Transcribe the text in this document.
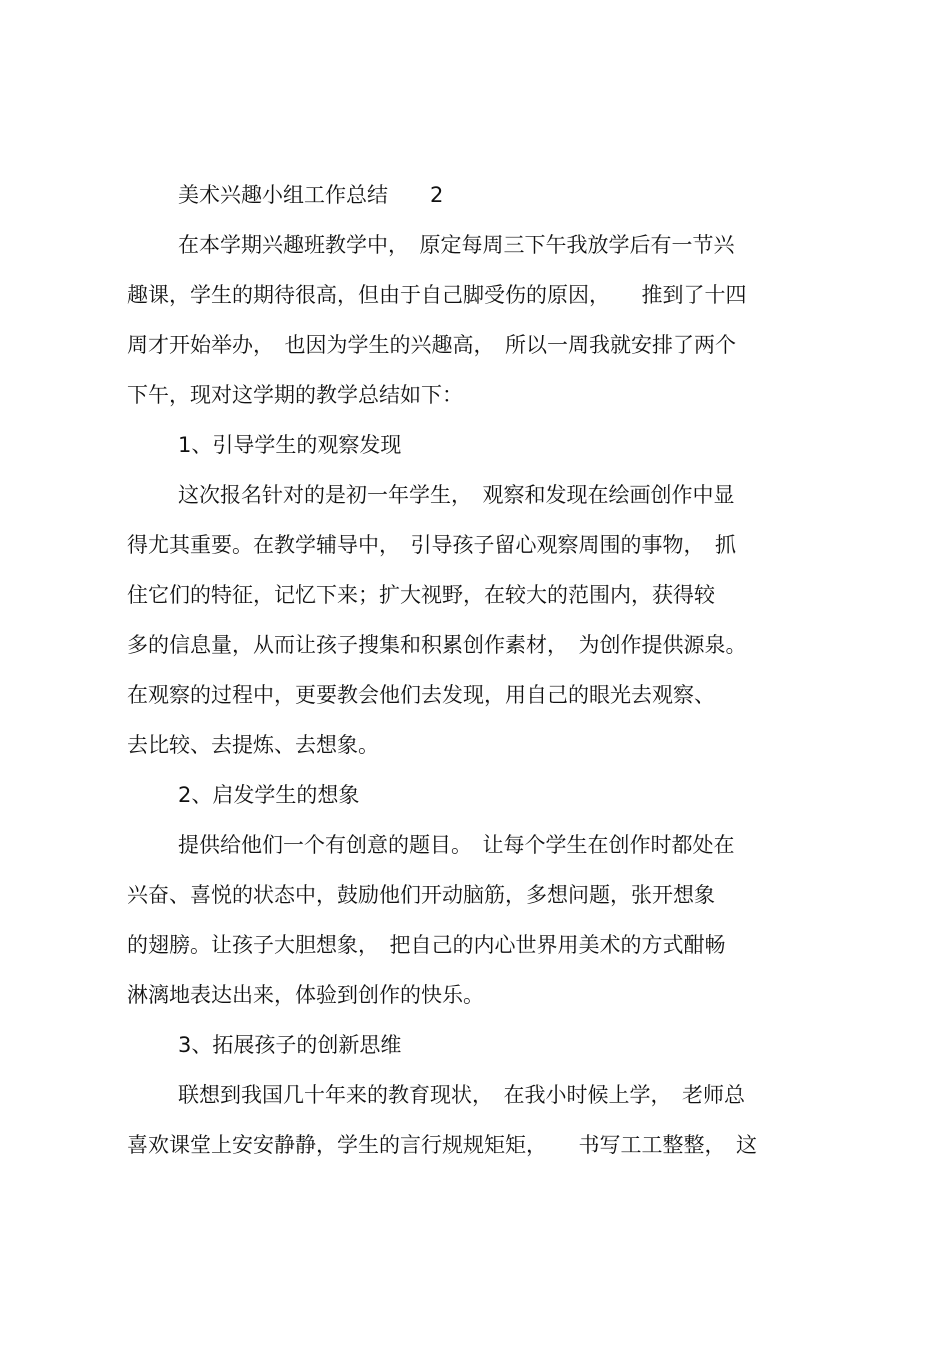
美术兴趣小组工作总结　　2
在本学期兴趣班教学中，　原定每周三下午我放学后有一节兴
趣课，学生的期待很高，但由于自己脚受伤的原因，　　推到了十四
周才开始举办，　也因为学生的兴趣高，　所以一周我就安排了两个
下午，现对这学期的教学总结如下：
1、引导学生的观察发现
这次报名针对的是初一年学生，　观察和发现在绘画创作中显
得尤其重要。在教学辅导中，　引导孩子留心观察周围的事物，　抓
住它们的特征，记忆下来；扩大视野，在较大的范围内，获得较
多的信息量，从而让孩子搜集和积累创作素材，　为创作提供源泉。
在观察的过程中，更要教会他们去发现，用自己的眼光去观察、
去比较、去提炼、去想象。
2、启发学生的想象
提供给他们一个有创意的题目。　让每个学生在创作时都处在
兴奋、喜悦的状态中，鼓励他们开动脑筋，多想问题，张开想象
的翅膀。让孩子大胆想象，　把自己的内心世界用美术的方式酣畅
淋漓地表达出来，体验到创作的快乐。
3、拓展孩子的创新思维
联想到我国几十年来的教育现状，　在我小时候上学，　老师总
喜欢课堂上安安静静，学生的言行规规矩矩，　　书写工工整整，　这
